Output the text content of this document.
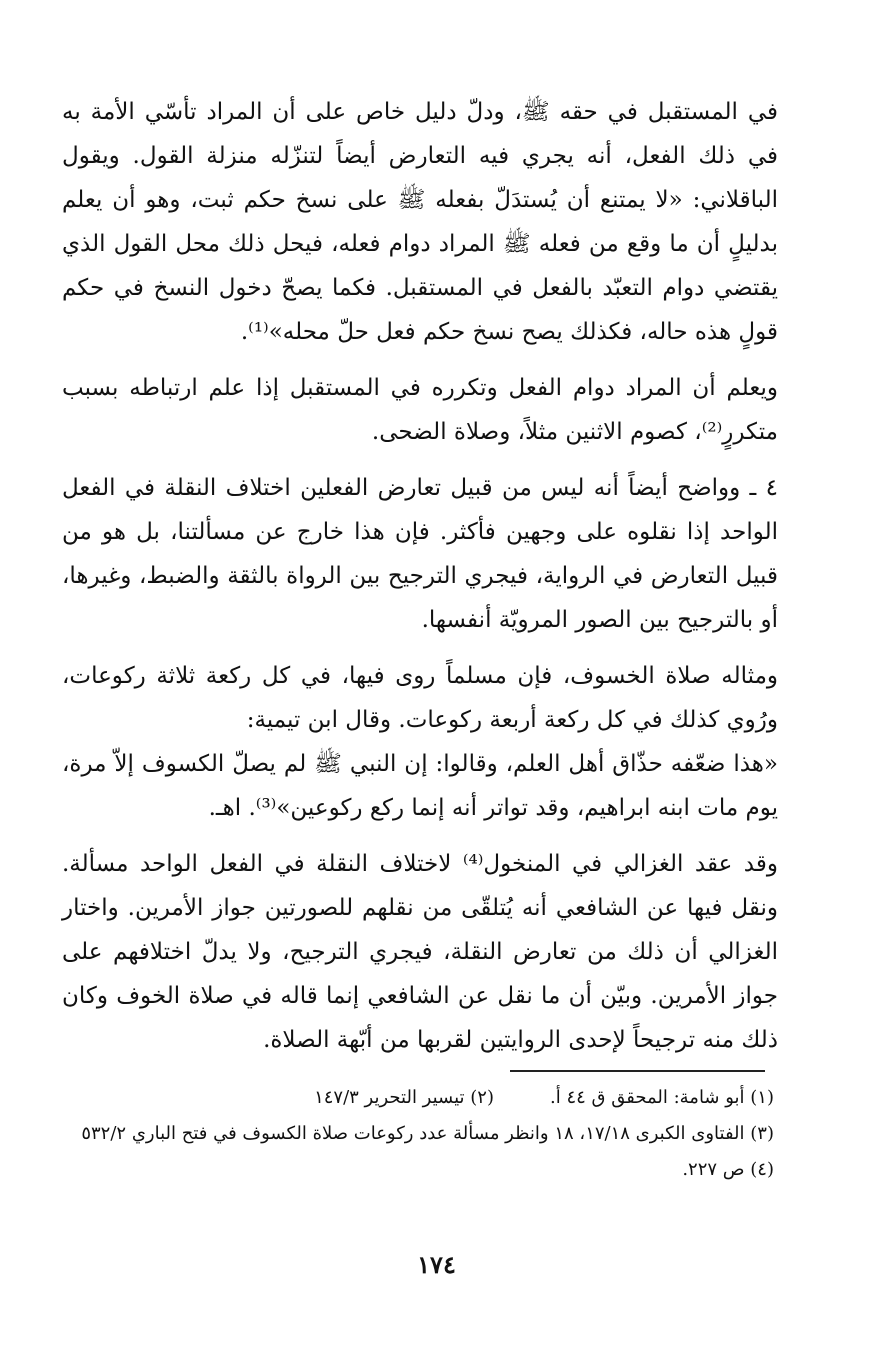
في المستقبل في حقه ﷺ، ودلّ دليل خاص على أن المراد تأسّي الأمة به في ذلك الفعل، أنه يجري فيه التعارض أيضاً لتنزّله منزلة القول. ويقول الباقلاني: «لا يمتنع أن يُستدَلّ بفعله ﷺ على نسخ حكم ثبت، وهو أن يعلم بدليلٍ أن ما وقع من فعله ﷺ المراد دوام فعله، فيحل ذلك محل القول الذي يقتضي دوام التعبّد بالفعل في المستقبل. فكما يصحّ دخول النسخ في حكم قولٍ هذه حاله، فكذلك يصح نسخ حكم فعل حلّ محله»⁽¹⁾.

ويعلم أن المراد دوام الفعل وتكرره في المستقبل إذا علم ارتباطه بسبب متكررٍ⁽²⁾، كصوم الاثنين مثلاً، وصلاة الضحى.

٤ ـ وواضح أيضاً أنه ليس من قبيل تعارض الفعلين اختلاف النقلة في الفعل الواحد إذا نقلوه على وجهين فأكثر. فإن هذا خارج عن مسألتنا، بل هو من قبيل التعارض في الرواية، فيجري الترجيح بين الرواة بالثقة والضبط، وغيرها، أو بالترجيح بين الصور المرويّة أنفسها.

ومثاله صلاة الخسوف، فإن مسلماً روى فيها، في كل ركعة ثلاثة ركوعات، ورُوي كذلك في كل ركعة أربعة ركوعات. وقال ابن تيمية:

«هذا ضعّفه حذّاق أهل العلم، وقالوا: إن النبي ﷺ لم يصلّ الكسوف إلاّ مرة، يوم مات ابنه ابراهيم، وقد تواتر أنه إنما ركع ركوعين»⁽³⁾. اهـ.

وقد عقد الغزالي في المنخول⁽⁴⁾ لاختلاف النقلة في الفعل الواحد مسألة. ونقل فيها عن الشافعي أنه يُتلقّى من نقلهم للصورتين جواز الأمرين. واختار الغزالي أن ذلك من تعارض النقلة، فيجري الترجيح، ولا يدلّ اختلافهم على جواز الأمرين. وبيّن أن ما نقل عن الشافعي إنما قاله في صلاة الخوف وكان ذلك منه ترجيحاً لإحدى الروايتين لقربها من أبّهة الصلاة.

(١) أبو شامة: المحقق ق ٤٤ أ.
(٢) تيسير التحرير ١٤٧/٣

(٣) الفتاوى الكبرى ١٧/١٨، ١٨ وانظر مسألة عدد ركوعات صلاة الكسوف في فتح الباري ٥٣٢/٢

(٤) ص ٢٢٧.

١٧٤
